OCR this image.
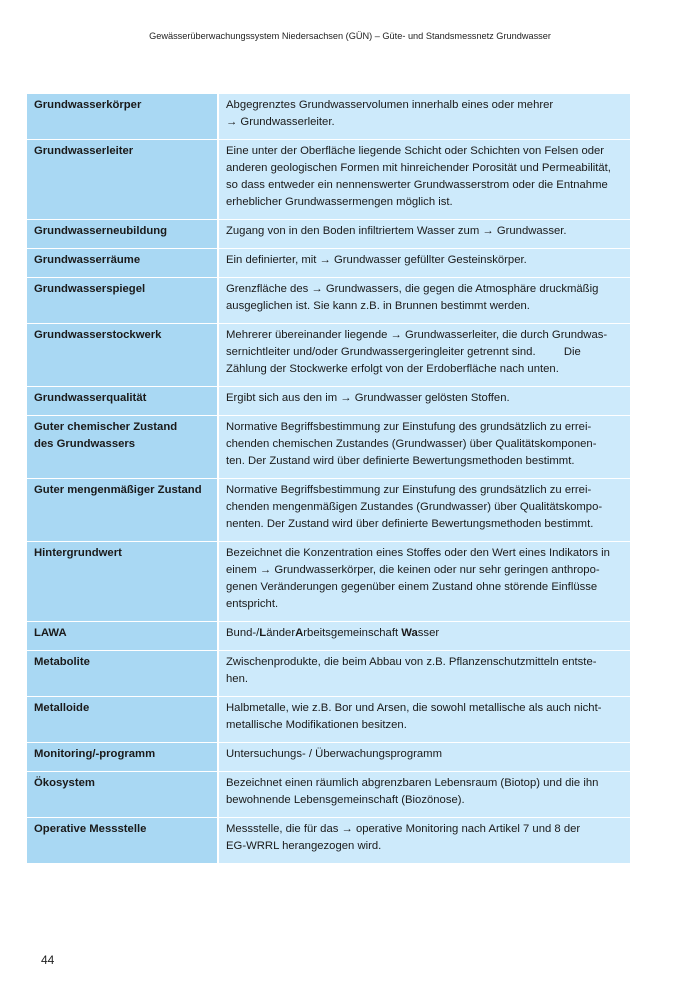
Gewässerüberwachungssystem Niedersachsen (GÜN) – Güte- und Standsmessnetz Grundwasser
Grundwasserkörper	Abgegrenztes Grundwasservolumen innerhalb eines oder mehrer
→ Grundwasserleiter.

Grundwasserleiter	Eine unter der Oberfläche liegende Schicht oder Schichten von Felsen oder
anderen geologischen Formen mit hinreichender Porosität und Permeabilität,
so dass entweder ein nennenswerter Grundwasserstrom oder die Entnahme
erheblicher Grundwassermengen möglich ist.

Grundwasserneubildung	Zugang von in den Boden infiltriertem Wasser zum → Grundwasser.

Grundwasserräume	Ein definierter, mit → Grundwasser gefüllter Gesteinskörper.

Grundwasserspiegel	Grenzfläche des → Grundwassers, die gegen die Atmosphäre druckmäßig
ausgeglichen ist. Sie kann z.B. in Brunnen bestimmt werden.

Grundwasserstockwerk	Mehrerer übereinander liegende → Grundwasserleiter, die durch Grundwas-
sernichtleiter und/oder Grundwassergeringleiter getrennt sind.         Die
Zählung der Stockwerke erfolgt von der Erdoberfläche nach unten.

Grundwasserqualität	Ergibt sich aus den im → Grundwasser gelösten Stoffen.

Guter chemischer Zustand
des Grundwassers	Normative Begriffsbestimmung zur Einstufung des grundsätzlich zu errei-
chenden chemischen Zustandes (Grundwasser) über Qualitätskomponen-
ten. Der Zustand wird über definierte Bewertungsmethoden bestimmt.

Guter mengenmäßiger Zustand	Normative Begriffsbestimmung zur Einstufung des grundsätzlich zu errei-
chenden mengenmäßigen Zustandes (Grundwasser) über Qualitätskompo-
nenten. Der Zustand wird über definierte Bewertungsmethoden bestimmt.

Hintergrundwert	Bezeichnet die Konzentration eines Stoffes oder den Wert eines Indikators in
einem → Grundwasserkörper, die keinen oder nur sehr geringen anthropo-
genen Veränderungen gegenüber einem Zustand ohne störende Einflüsse
entspricht.

LAWA	Bund-/LänderArbeitsgemeinschaft Wasser

Metabolite	Zwischenprodukte, die beim Abbau von z.B. Pflanzenschutzmitteln entste-
hen.

Metalloide	Halbmetalle, wie z.B. Bor und Arsen, die sowohl metallische als auch nicht-
metallische Modifikationen besitzen.

Monitoring/-programm	Untersuchungs- / Überwachungsprogramm

Ökosystem	Bezeichnet einen räumlich abgrenzbaren Lebensraum (Biotop) und die ihn
bewohnende Lebensgemeinschaft (Biozönose).

Operative Messstelle	Messstelle, die für das → operative Monitoring nach Artikel 7 und 8 der
EG-WRRL herangezogen wird.
44
